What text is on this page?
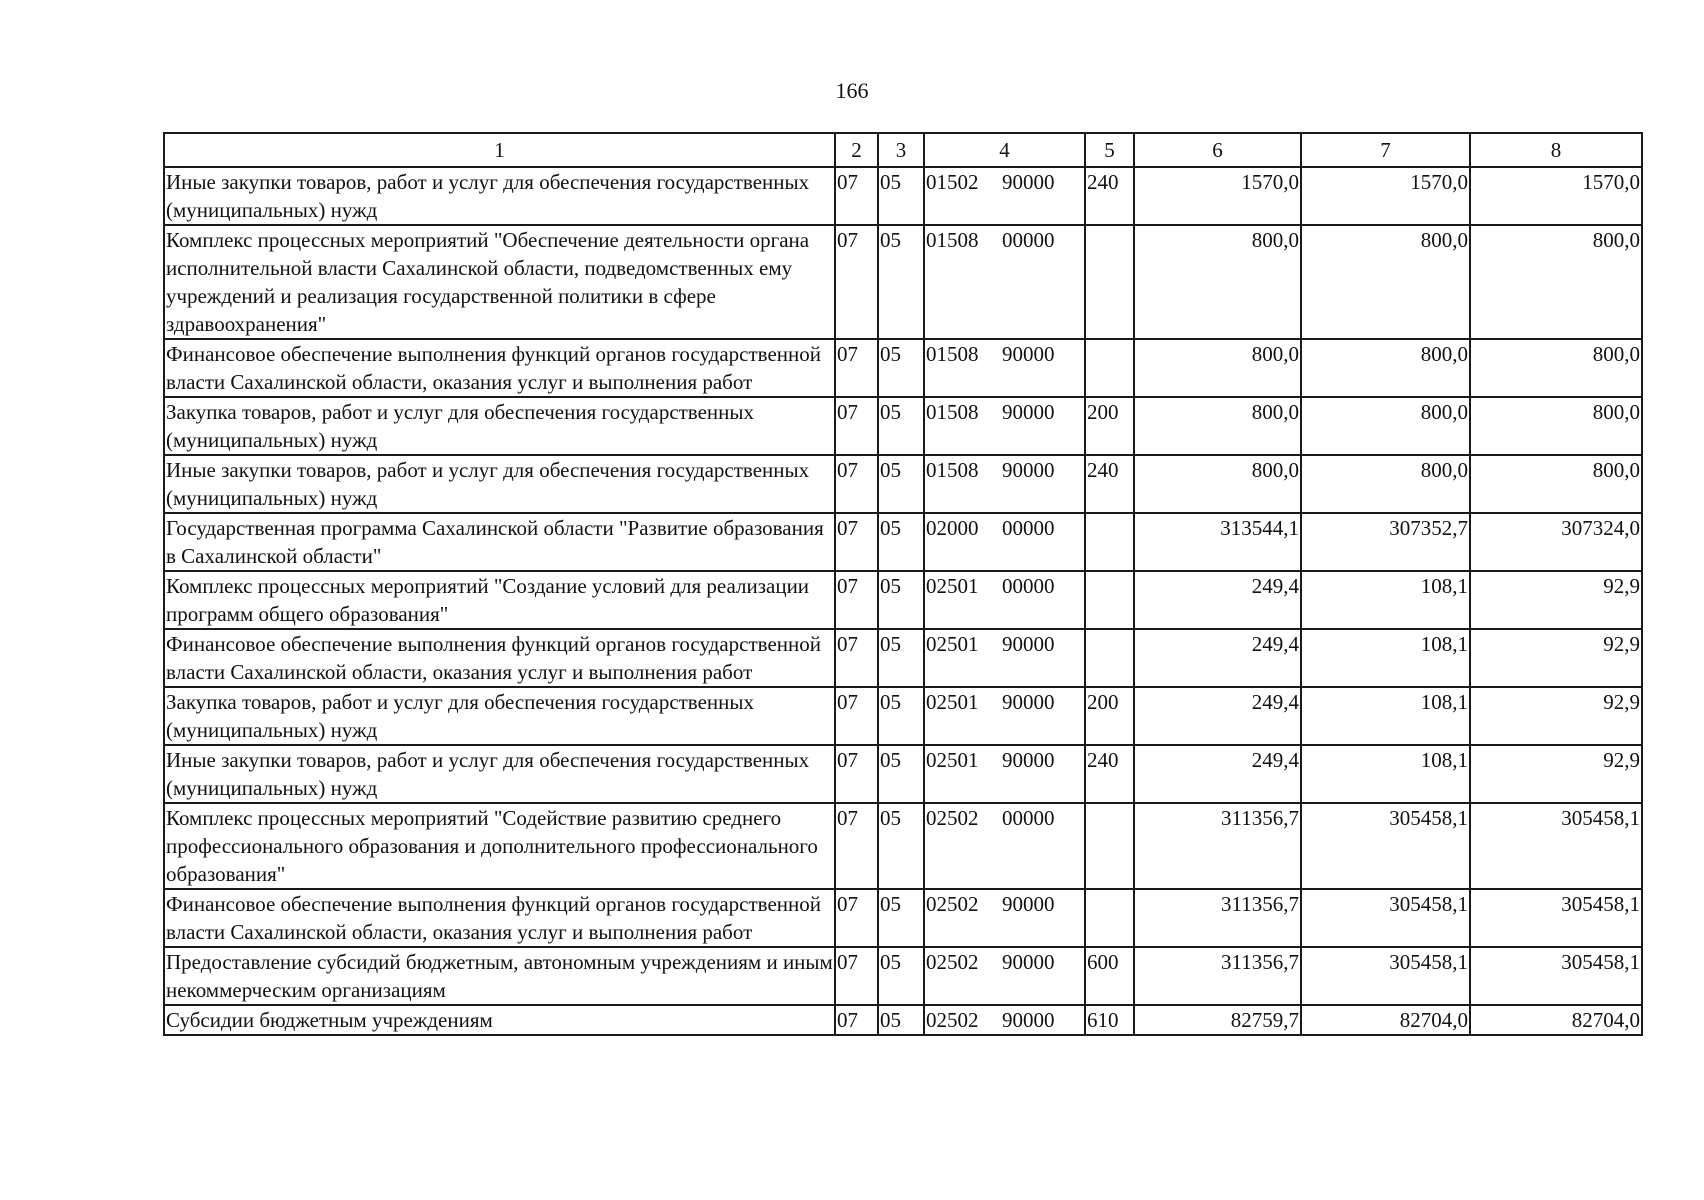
166
1	2	3	4	5	6	7	8
Иные закупки товаров, работ и услуг для обеспечения государственных (муниципальных) нужд	07	05	01502 90000	240	1570,0	1570,0	1570,0
Комплекс процессных мероприятий "Обеспечение деятельности органа исполнительной власти Сахалинской области, подведомственных ему учреждений и реализация государственной политики в сфере здравоохранения"	07	05	01508 00000		800,0	800,0	800,0
Финансовое обеспечение выполнения функций органов государственной власти Сахалинской области, оказания услуг и выполнения работ	07	05	01508 90000		800,0	800,0	800,0
Закупка товаров, работ и услуг для обеспечения государственных (муниципальных) нужд	07	05	01508 90000	200	800,0	800,0	800,0
Иные закупки товаров, работ и услуг для обеспечения государственных (муниципальных) нужд	07	05	01508 90000	240	800,0	800,0	800,0
Государственная программа Сахалинской области "Развитие образования в Сахалинской области"	07	05	02000 00000		313544,1	307352,7	307324,0
Комплекс процессных мероприятий "Создание условий для реализации программ общего образования"	07	05	02501 00000		249,4	108,1	92,9
Финансовое обеспечение выполнения функций органов государственной власти Сахалинской области, оказания услуг и выполнения работ	07	05	02501 90000		249,4	108,1	92,9
Закупка товаров, работ и услуг для обеспечения государственных (муниципальных) нужд	07	05	02501 90000	200	249,4	108,1	92,9
Иные закупки товаров, работ и услуг для обеспечения государственных (муниципальных) нужд	07	05	02501 90000	240	249,4	108,1	92,9
Комплекс процессных мероприятий "Содействие развитию среднего профессионального образования и дополнительного профессионального образования"	07	05	02502 00000		311356,7	305458,1	305458,1
Финансовое обеспечение выполнения функций органов государственной власти Сахалинской области, оказания услуг и выполнения работ	07	05	02502 90000		311356,7	305458,1	305458,1
Предоставление субсидий бюджетным, автономным учреждениям и иным некоммерческим организациям	07	05	02502 90000	600	311356,7	305458,1	305458,1
Субсидии бюджетным учреждениям	07	05	02502 90000	610	82759,7	82704,0	82704,0
